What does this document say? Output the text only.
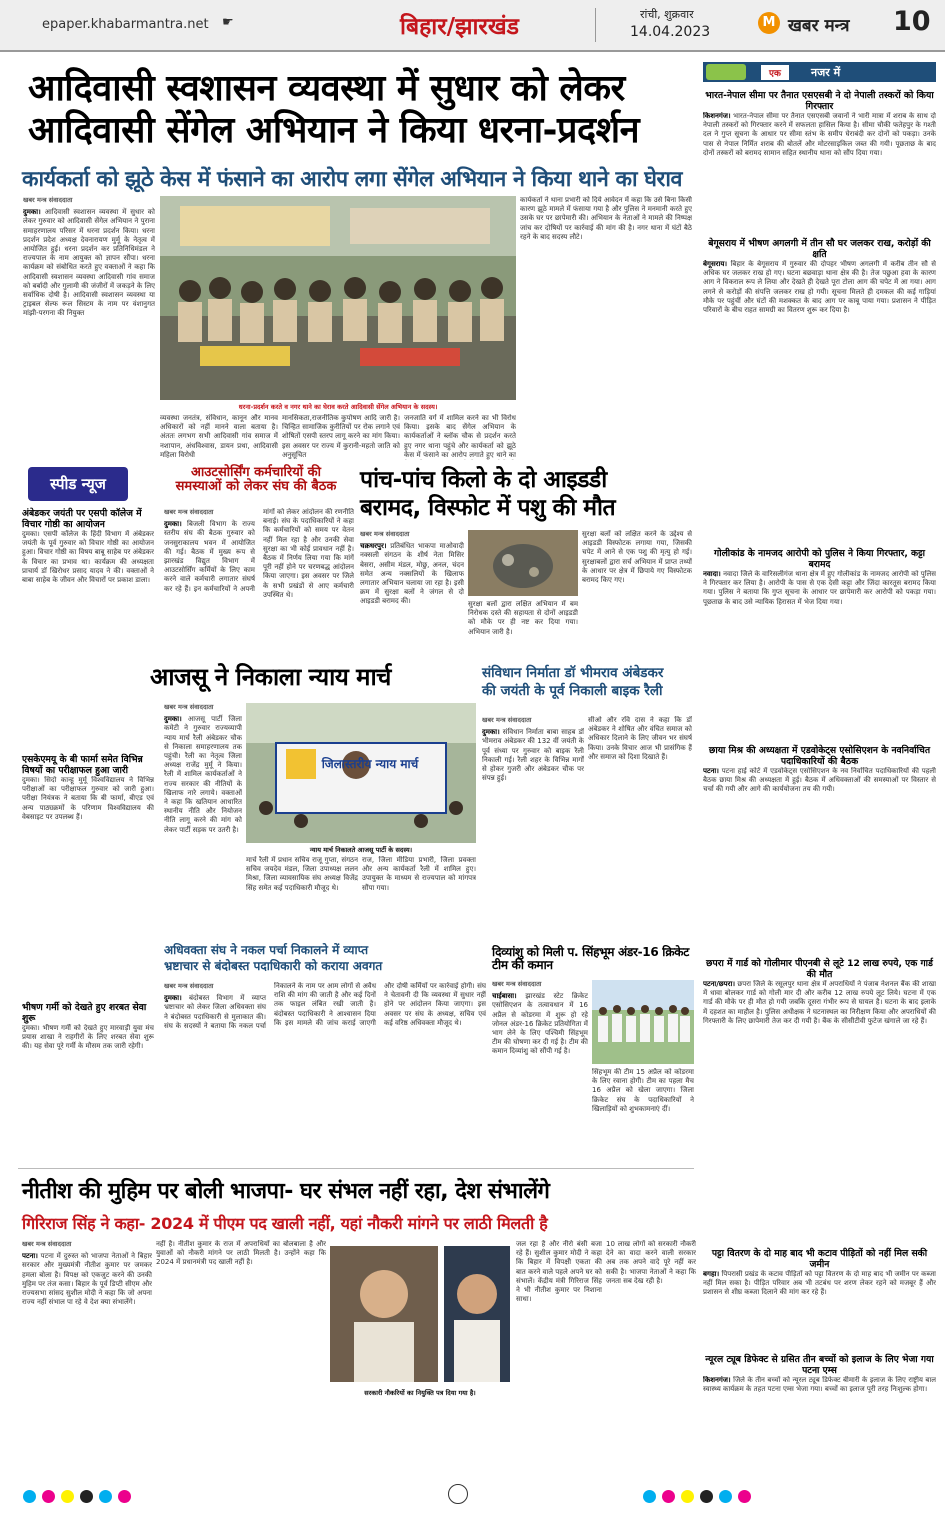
epaper.khabarmantra.net ☛	बिहार/झारखंड	रांची, शुक्रवार
14.04.2023
M खबर मन्त्र 10
आदिवासी स्वशासन व्यवस्था में सुधार को लेकर
आदिवासी सेंगेल अभियान ने किया धरना-प्रदर्शन
कार्यकर्ता को झूठे केस में फंसाने का आरोप लगा सेंगेल अभियान ने किया थाने का घेराव
खबर मन्त्र संवाददाता
दुमका। आदिवासी स्वशासन व्यवस्था में सुधार को लेकर गुरुवार को आदिवासी सेंगेल अभियान ने पुराना समाहरणालय परिसर में धरना प्रदर्शन किया। धरना प्रदर्शन प्रदेश अध्यक्ष देवनारायण मुर्मू के नेतृत्व में आयोजित हुई। धरना प्रदर्शन कर प्रतिनिधिमंडल ने राज्यपाल के नाम आयुक्त को ज्ञापन सौंपा। धरना कार्यक्रम को संबोधित करते हुए वक्ताओं ने कहा कि आदिवासी स्वशासन व्यवस्था आदिवासी गांव समाज को बर्बादी और गुलामी की जंजीरों में जकड़ने के लिए सर्वाधिक दोषी है। आदिवासी स्वशासन व्यवस्था या ट्राइबल सेल्फ रूल सिस्टम के नाम पर वंशानुगत मांझी-परगना की नियुक्त
धरना-प्रदर्शन करते व नगर थाने का घेराव करते आदिवासी सेंगेल अभियान के सदस्य।
व्यवस्था जनतंत्र, संविधान, कानून और मानव अधिकारों को नहीं मानने वाला बताया है। अंततः लगभग सभी आदिवासी गांव समाज में नशापान, अंधविश्वास, डायन प्रथा, आदिवासी महिला विरोधी
मानसिकता,राजनीतिक कुपोषण आदि जारी है। चिन्हित सामाजिक कुरीतियों पर रोक लगाने एवं शोषितों एसपी स्तरप लागू करने का मांग किया। इस अवसर पर राज्य में कुरानी-महतो जाति को अनुसूचित
जनजाति वर्ग में शामिल करने का भी विरोध किया। इसके बाद सेंगेल अभियान के कार्यकर्ताओं ने ब्लॉक चौक से प्रदर्शन करते हुए नगर थाना पहुंचे और कार्यकर्ता को झूठे केस में फंसाने का आरोप लगाते हुए थाने का
कार्यकर्ता ने थाना प्रभारी को दिये आवेदन में कहा कि उसे बिना किसी कारण झूठे मामले में फंसाया गया है और पुलिस ने मनमानी करते हुए उसके घर पर छापेमारी की। अभियान के नेताओं ने मामले की निष्पक्ष जांच कर दोषियों पर कार्रवाई की मांग की है। नगर थाना में घंटों बैठे रहने के बाद सदस्य लौटे।
एक	नजर में
भारत-नेपाल सीमा पर तैनात एसएसबी ने दो नेपाली तस्करों को किया गिरफ्तार
किशनगंज। भारत-नेपाल सीमा पर तैनात एसएसबी जवानों ने भारी मात्रा में शराब के साथ दो नेपाली तस्करों को गिरफ्तार करने में सफलता हासिल किया है। सीमा चौकी फतेहपुर के गश्ती दल ने गुप्त सूचना के आधार पर सीमा स्तंभ के समीप घेराबंदी कर दोनों को पकड़ा। उनके पास से नेपाल निर्मित शराब की बोतलें और मोटरसाइकिल जब्त की गयी। पूछताछ के बाद दोनों तस्करों को बरामद सामान सहित स्थानीय थाना को सौंप दिया गया।
बेगूसराय में भीषण अगलगी में तीन सौ घर जलकर राख, करोड़ों की क्षति
बेगूसराय। बिहार के बेगूसराय में गुरुवार की दोपहर भीषण अगलगी में करीब तीन सौ से अधिक घर जलकर राख हो गए। घटना बछवाड़ा थाना क्षेत्र की है। तेज पछुआ हवा के कारण आग ने विकराल रूप ले लिया और देखते ही देखते पूरा टोला आग की चपेट में आ गया। आग लगने से करोड़ों की संपत्ति जलकर राख हो गयी। सूचना मिलते ही दमकल की कई गाड़ियां मौके पर पहुंचीं और घंटों की मशक्कत के बाद आग पर काबू पाया गया। प्रशासन ने पीड़ित परिवारों के बीच राहत सामग्री का वितरण शुरू कर दिया है।
गोलीकांड के नामजद आरोपी को पुलिस ने किया गिरफ्तार, कट्टा बरामद
नवादा। नवादा जिले के वारिसलीगंज थाना क्षेत्र में हुए गोलीकांड के नामजद आरोपी को पुलिस ने गिरफ्तार कर लिया है। आरोपी के पास से एक देसी कट्टा और जिंदा कारतूस बरामद किया गया। पुलिस ने बताया कि गुप्त सूचना के आधार पर छापेमारी कर आरोपी को पकड़ा गया। पूछताछ के बाद उसे न्यायिक हिरासत में भेज दिया गया।
छाया मिश्र की अध्यक्षता में एडवोकेट्स एसोसिएशन के नवनिर्वाचित पदाधिकारियों की बैठक
पटना। पटना हाई कोर्ट में एडवोकेट्स एसोसिएशन के नव निर्वाचित पदाधिकारियों की पहली बैठक छाया मिश्र की अध्यक्षता में हुई। बैठक में अधिवक्ताओं की समस्याओं पर विस्तार से चर्चा की गयी और आगे की कार्ययोजना तय की गयी।
छपरा में गार्ड को गोलीमार पीएनबी से लूटे 12 लाख रुपये, एक गार्ड की मौत
पटना/छपरा। छपरा जिले के रसूलपुर थाना क्षेत्र में अपराधियों ने पंजाब नेशनल बैंक की शाखा में धावा बोलकर गार्ड को गोली मार दी और करीब 12 लाख रुपये लूट लिये। घटना में एक गार्ड की मौके पर ही मौत हो गयी जबकि दूसरा गंभीर रूप से घायल है। घटना के बाद इलाके में दहशत का माहौल है। पुलिस अधीक्षक ने घटनास्थल का निरीक्षण किया और अपराधियों की गिरफ्तारी के लिए छापेमारी तेज कर दी गयी है। बैंक के सीसीटीवी फुटेज खंगाले जा रहे हैं।
पट्टा वितरण के दो माह बाद भी कटाव पीड़ितों को नहीं मिल सकी जमीन
बगहा। पिपरासी प्रखंड के कटाव पीड़ितों को पट्टा वितरण के दो माह बाद भी जमीन पर कब्जा नहीं मिल सका है। पीड़ित परिवार अब भी तटबंध पर शरण लेकर रहने को मजबूर हैं और प्रशासन से शीघ्र कब्जा दिलाने की मांग कर रहे हैं।
न्यूरल ट्यूब डिफेक्ट से ग्रसित तीन बच्चों को इलाज के लिए भेजा गया पटना एम्स
किशनगंज। जिले के तीन बच्चों को न्यूरल ट्यूब डिफेक्ट बीमारी के इलाज के लिए राष्ट्रीय बाल स्वास्थ्य कार्यक्रम के तहत पटना एम्स भेजा गया। बच्चों का इलाज पूरी तरह निःशुल्क होगा।
स्पीड न्यूज
अंबेडकर जयंती पर एसपी कॉलेज में विचार गोष्ठी का आयोजन
दुमका। एसपी कॉलेज के हिंदी विभाग में अंबेडकर जयंती के पूर्व गुरुवार को विचार गोष्ठी का आयोजन हुआ। विचार गोष्ठी का विषय बाबू साहेब पर अंबेडकर के विचार का प्रभाव था। कार्यक्रम की अध्यक्षता प्राचार्य डॉ खिरोधर प्रसाद यादव ने की। वक्ताओं ने बाबा साहेब के जीवन और विचारों पर प्रकाश डाला।
एसकेएमयू के बी फार्मा समेत विभिन्न विषयों का परीक्षाफल हुआ जारी
दुमका। सिदो कान्हू मुर्मू विश्वविद्यालय ने विभिन्न परीक्षाओं का परीक्षाफल गुरुवार को जारी हुआ। परीक्षा नियंत्रक ने बताया कि बी फार्मा, बीएड एवं अन्य पाठ्यक्रमों के परिणाम विश्वविद्यालय की वेबसाइट पर उपलब्ध हैं।
भीषण गर्मी को देखते हुए शरबत सेवा शुरू
दुमका। भीषण गर्मी को देखते हुए मारवाड़ी युवा मंच प्रयास शाखा ने राहगीरों के लिए शरबत सेवा शुरू की। यह सेवा पूरे गर्मी के मौसम तक जारी रहेगी।
आउटसोर्सिंग कर्मचारियों की समस्याओं को लेकर संघ की बैठक
खबर मन्त्र संवाददाता
दुमका। बिजली विभाग के राज्य स्तरीय संघ की बैठक गुरुवार को जनसुराकालय भवन में आयोजित की गई। बैठक में मुख्य रूप से झारखंड विद्युत विभाग में आउटसोर्सिंग कर्मियों के लिए काम करने वाले कर्मचारी लगातार संघर्ष कर रहे हैं। इन कर्मचारियों ने अपनी मांगों को लेकर आंदोलन की रणनीति बनाई। संघ के पदाधिकारियों ने कहा कि कर्मचारियों को समय पर वेतन नहीं मिल रहा है और उनकी सेवा सुरक्षा का भी कोई प्रावधान नहीं है। बैठक में निर्णय लिया गया कि मांगें पूरी नहीं होने पर चरणबद्ध आंदोलन किया जाएगा। इस अवसर पर जिले के सभी प्रखंडों से आए कर्मचारी उपस्थित थे।
पांच-पांच किलो के दो आइडडी
बरामद, विस्फोट में पशु की मौत
खबर मन्त्र संवाददाता
चक्रधरपुर। प्रतिबंधित भाकपा माओवादी नक्सली संगठन के शीर्ष नेता मिसिर बेसरा, असीम मंडल, मोछु, अनल, चंदन समेत अन्य नक्सलियों के खिलाफ लगातार अभियान चलाया जा रहा है। इसी क्रम में सुरक्षा बलों ने जंगल से दो आइडडी बरामद की।
सुरक्षा बलों को लक्षित करने के उद्देश्य से आइडडी विस्फोटक लगाया गया, जिसकी चपेट में आने से एक पशु की मृत्यु हो गई। सुरक्षाबलों द्वारा सर्च अभियान में प्राप्त तथ्यों के आधार पर क्षेत्र में छिपाये गए विस्फोटक बरामद किए गए।
सुरक्षा बलों द्वारा लक्षित अभियान में बम निरोधक दस्ते की सहायता से दोनों आइडडी को मौके पर ही नष्ट कर दिया गया। अभियान जारी है।
आजसू ने निकाला न्याय मार्च
खबर मन्त्र संवाददाता
दुमका। आजसू पार्टी जिला कमेटी ने गुरुवार राज्यव्यापी न्याय मार्च रैली अंबेडकर चौक से निकाला समाहरणालय तक पहुंची। रैली का नेतृत्व जिला अध्यक्ष राजेंद्र मुर्मू ने किया। रैली में शामिल कार्यकर्ताओं ने राज्य सरकार की नीतियों के खिलाफ नारे लगाये। वक्ताओं ने कहा कि खतियान आधारित स्थानीय नीति और नियोजन नीति लागू करने की मांग को लेकर पार्टी सड़क पर उतरी है।
जिलास्तरीय न्याय मार्च
न्याय मार्च निकालते आजसू पार्टी के सदस्य।
मार्च रैली में प्रधान सचिव राजू गुप्ता, संगठन सचिव जयदेव मंडल, जिला उपाध्यक्ष ललन मिश्रा, जिला व्यावसायिक संघ अध्यक्ष विजेंद्र सिंह समेत कई पदाधिकारी मौजूद थे।
राज, जिला मीडिया प्रभारी, जिला प्रवक्ता और अन्य कार्यकर्ता रैली में शामिल हुए। उपायुक्त के माध्यम से राज्यपाल को मांगपत्र सौंपा गया।
संविधान निर्माता डॉ भीमराव अंबेडकर
की जयंती के पूर्व निकाली बाइक रैली
खबर मन्त्र संवाददाता
दुमका। संविधान निर्माता बाबा साहब डॉ भीमराव अंबेडकर की 132 वीं जयंती के पूर्व संध्या पर गुरुवार को बाइक रैली निकाली गई। रैली शहर के विभिन्न मार्गों से होकर गुजरी और अंबेडकर चौक पर संपन्न हुई।
सीओ और रवि दास ने कहा कि डॉ अंबेडकर ने शोषित और वंचित समाज को अधिकार दिलाने के लिए जीवन भर संघर्ष किया। उनके विचार आज भी प्रासंगिक हैं और समाज को दिशा दिखाते हैं।
अधिवक्ता संघ ने नकल पर्चा निकालने में व्याप्त
भ्रष्टाचार से बंदोबस्त पदाधिकारी को कराया अवगत
खबर मन्त्र संवाददाता
दुमका। बंदोबस्त विभाग में व्याप्त भ्रष्टाचार को लेकर जिला अधिवक्ता संघ ने बंदोबस्त पदाधिकारी से मुलाकात की। संघ के सदस्यों ने बताया कि नकल पर्चा निकालने के नाम पर आम लोगों से अवैध राशि की मांग की जाती है और कई दिनों तक फाइल लंबित रखी जाती है। बंदोबस्त पदाधिकारी ने आश्वासन दिया कि इस मामले की जांच कराई जाएगी और दोषी कर्मियों पर कार्रवाई होगी। संघ ने चेतावनी दी कि व्यवस्था में सुधार नहीं होने पर आंदोलन किया जाएगा। इस अवसर पर संघ के अध्यक्ष, सचिव एवं कई वरिष्ठ अधिवक्ता मौजूद थे।
दिव्यांशु को मिली प. सिंहभूम अंडर-16 क्रिकेट टीम की कमान
खबर मन्त्र संवाददाता
चाईबासा। झारखंड स्टेट क्रिकेट एसोसिएशन के तत्वावधान में 16 अप्रैल से कोडरमा में शुरू हो रहे जोनल अंडर-16 क्रिकेट प्रतियोगिता में भाग लेने के लिए पश्चिमी सिंहभूम टीम की घोषणा कर दी गई है। टीम की कमान दिव्यांशु को सौंपी गई है।
सिंहभूम की टीम 15 अप्रैल को कोडरमा के लिए रवाना होगी। टीम का पहला मैच 16 अप्रैल को खेला जाएगा। जिला क्रिकेट संघ के पदाधिकारियों ने खिलाड़ियों को शुभकामनाएं दीं।
नीतीश की मुहिम पर बोली भाजपा- घर संभल नहीं रहा, देश संभालेंगे
गिरिराज सिंह ने कहा- 2024 में पीएम पद खाली नहीं, यहां नौकरी मांगने पर लाठी मिलती है
खबर मन्त्र संवाददाता
पटना। पटना में दुरुस्त को भाजपा नेताओं ने बिहार सरकार और मुख्यमंत्री नीतीश कुमार पर जमकर हमला बोला है। विपक्ष को एकजुट करने की उनकी मुहिम पर तंज कसा। बिहार के पूर्व डिप्टी सीएम और राज्यसभा सांसद सुशील मोदी ने कहा कि जो अपना राज्य नहीं संभाल पा रहे वे देश क्या संभालेंगे।
नहीं है। नीतीश कुमार के राज में अपराधियों का बोलबाला है और युवाओं को नौकरी मांगने पर लाठी मिलती है। उन्होंने कहा कि 2024 में प्रधानमंत्री पद खाली नहीं है।
सरकारी नौकरियों का नियुक्ति पत्र दिया गया है।
जल रहा है और नीरो बंसी बजा रहे हैं। सुशील कुमार मोदी ने कहा कि बिहार में विपक्षी एकता की बात करने वाले पहले अपने घर को संभालें। केंद्रीय मंत्री गिरिराज सिंह ने भी नीतीश कुमार पर निशाना साधा।
10 लाख लोगों को सरकारी नौकरी देने का वादा करने वाली सरकार अब तक अपने वादे पूरे नहीं कर सकी है। भाजपा नेताओं ने कहा कि जनता सब देख रही है।
